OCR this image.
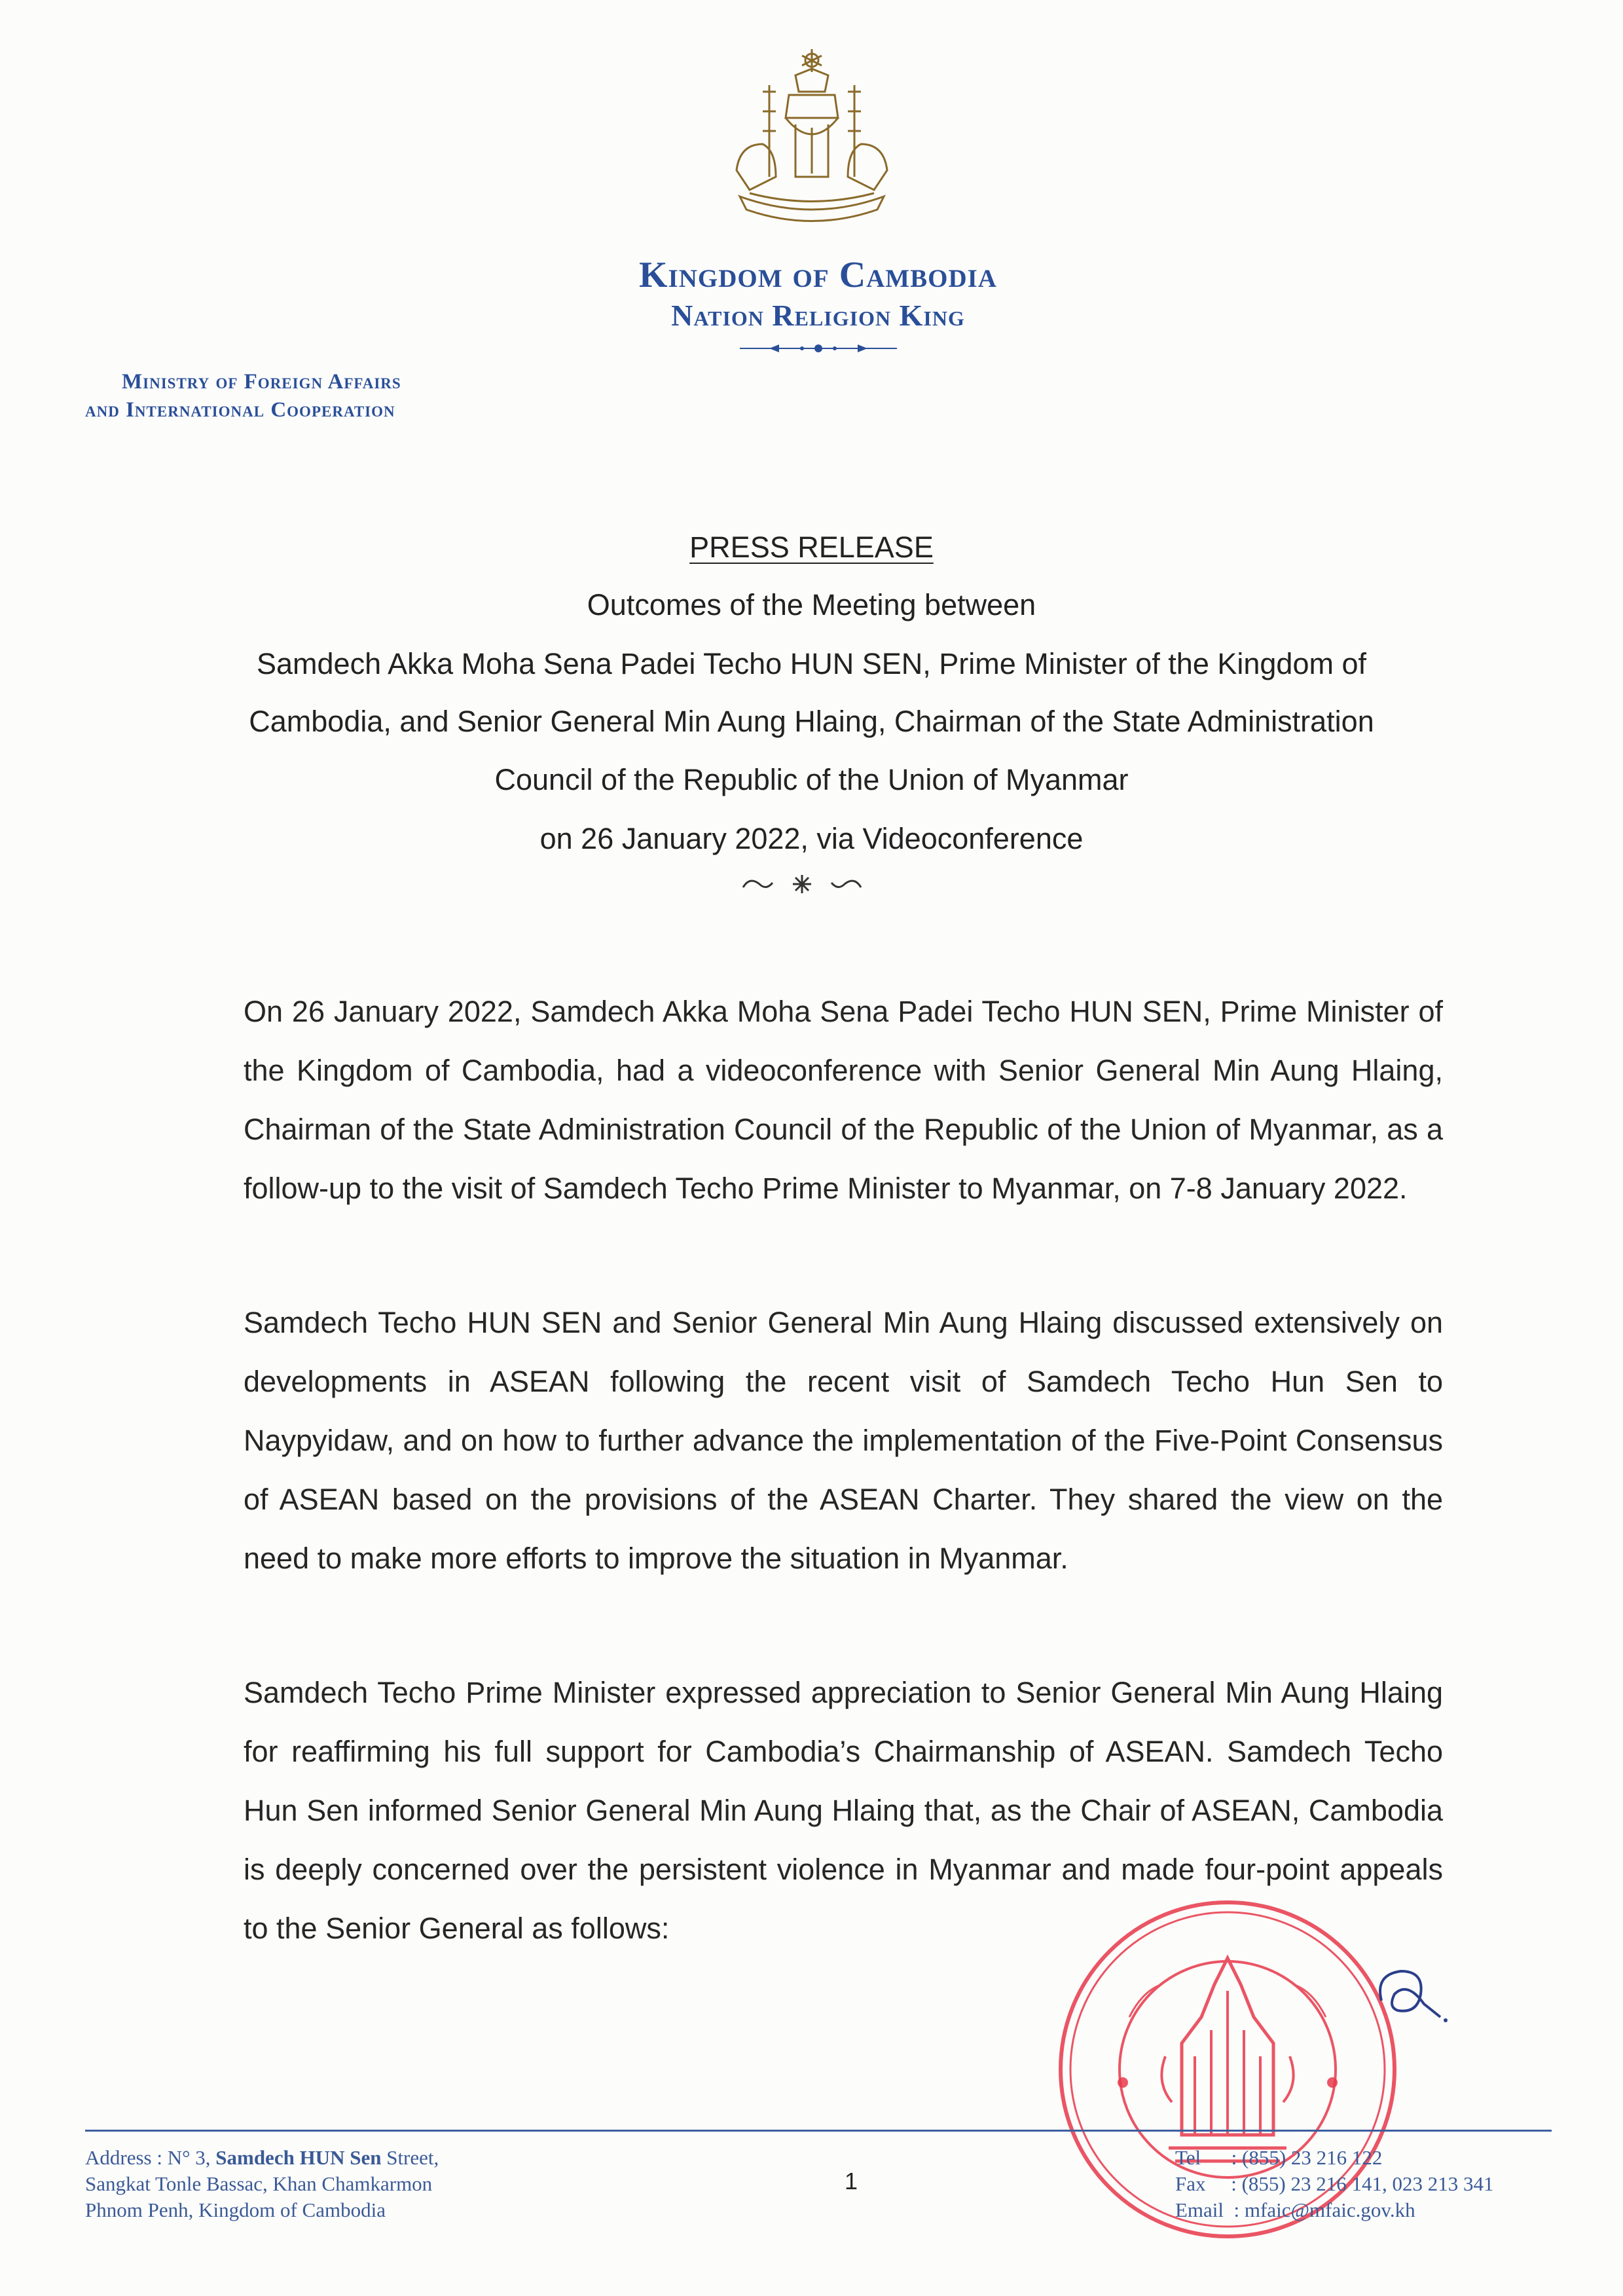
Kingdom of Cambodia
Nation Religion King
Ministry of Foreign Affairs
and International Cooperation
PRESS RELEASE
Outcomes of the Meeting between
Samdech Akka Moha Sena Padei Techo HUN SEN, Prime Minister of the Kingdom of
Cambodia, and Senior General Min Aung Hlaing, Chairman of the State Administration
Council of the Republic of the Union of Myanmar
on 26 January 2022, via Videoconference
On 26 January 2022, Samdech Akka Moha Sena Padei Techo HUN SEN, Prime Minister of the Kingdom of Cambodia, had a videoconference with Senior General Min Aung Hlaing, Chairman of the State Administration Council of the Republic of the Union of Myanmar, as a follow-up to the visit of Samdech Techo Prime Minister to Myanmar, on 7-8 January 2022.
Samdech Techo HUN SEN and Senior General Min Aung Hlaing discussed extensively on developments in ASEAN following the recent visit of Samdech Techo Hun Sen to Naypyidaw, and on how to further advance the implementation of the Five-Point Consensus of ASEAN based on the provisions of the ASEAN Charter. They shared the view on the need to make more efforts to improve the situation in Myanmar.
Samdech Techo Prime Minister expressed appreciation to Senior General Min Aung Hlaing for reaffirming his full support for Cambodia’s Chairmanship of ASEAN. Samdech Techo Hun Sen informed Senior General Min Aung Hlaing that, as the Chair of ASEAN, Cambodia is deeply concerned over the persistent violence in Myanmar and made four-point appeals to the Senior General as follows:
Address : N° 3, Samdech HUN Sen Street,
Sangkat Tonle Bassac, Khan Chamkarmon
Phnom Penh, Kingdom of Cambodia
1
Tel      : (855) 23 216 122
Fax     : (855) 23 216 141, 023 213 341
Email  : mfaic@mfaic.gov.kh
